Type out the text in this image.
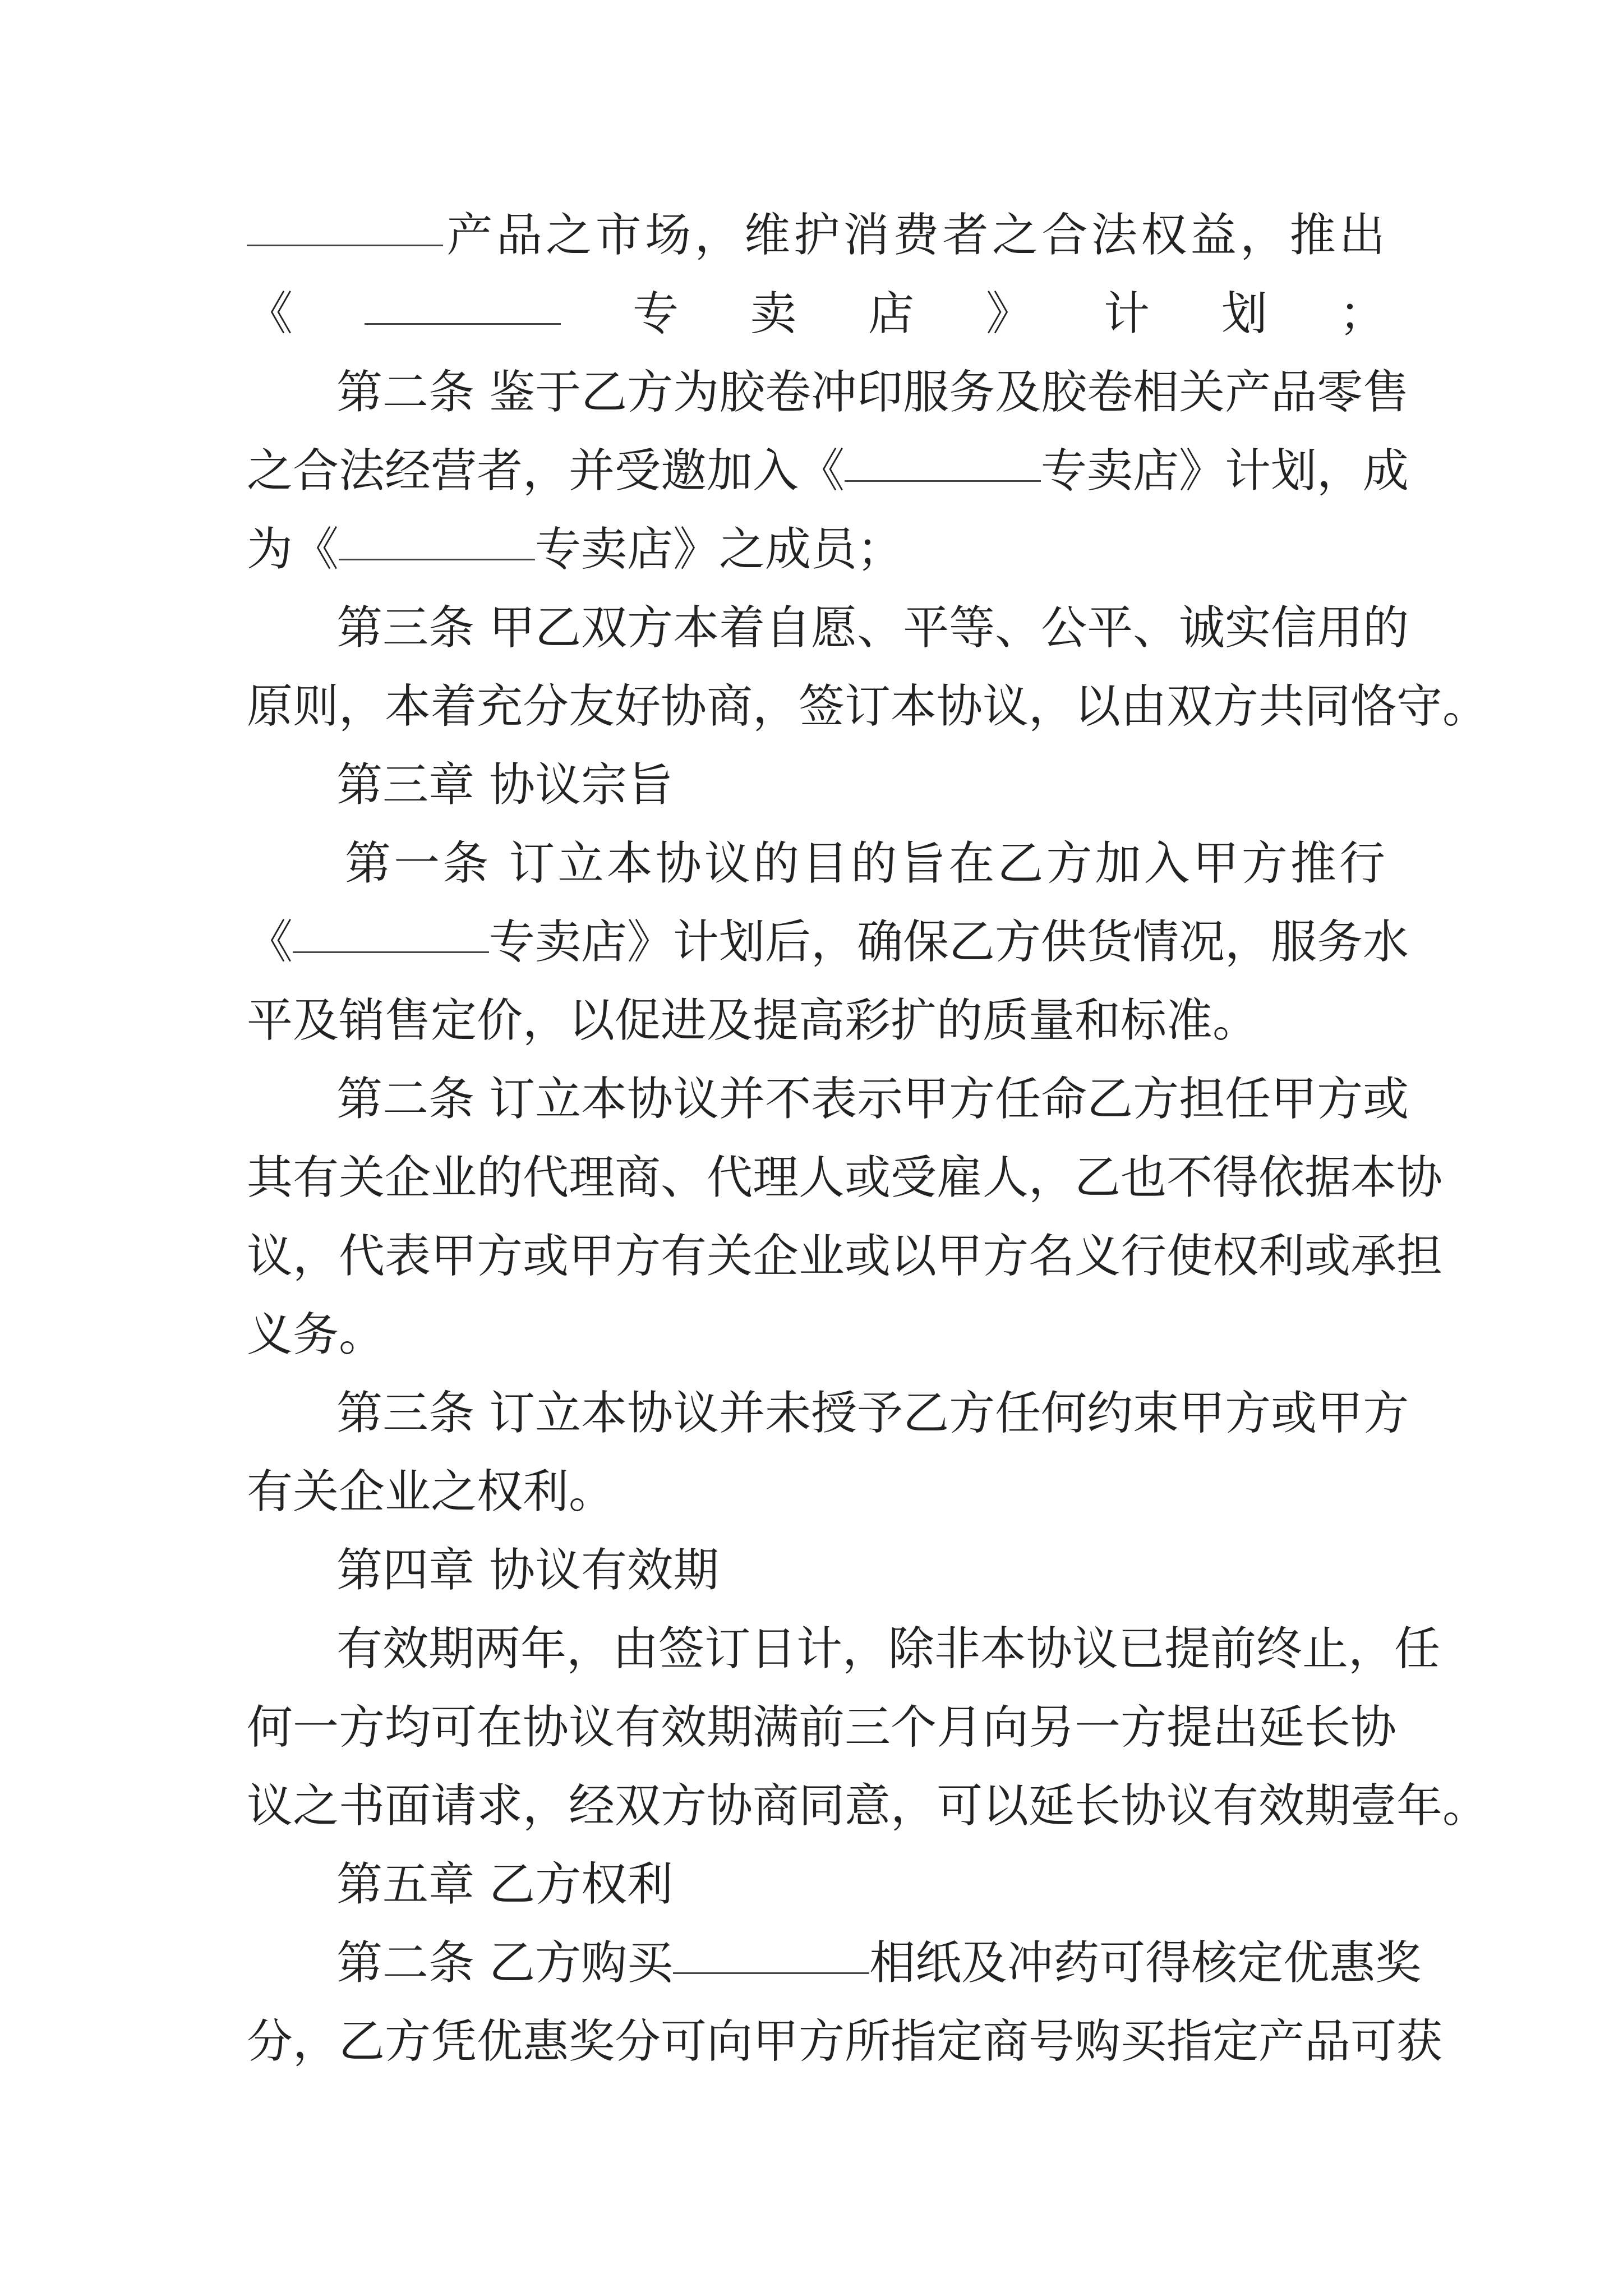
产品之市场，维护消费者之合法权益，推出
《	专卖店》计划；
第二条 鉴于乙方为胶卷冲印服务及胶卷相关产品零售
之合法经营者，并受邀加入《	专卖店》计划，成
为《	专卖店》之成员；
第三条 甲乙双方本着自愿、平等、公平、诚实信用的
原则，本着充分友好协商，签订本协议，以由双方共同恪守。
第三章 协议宗旨
第一条 订立本协议的目的旨在乙方加入甲方推行
《	专卖店》计划后，确保乙方供货情况，服务水
平及销售定价，以促进及提高彩扩的质量和标准。
第二条 订立本协议并不表示甲方任命乙方担任甲方或
其有关企业的代理商、代理人或受雇人，乙也不得依据本协
议，代表甲方或甲方有关企业或以甲方名义行使权利或承担
义务。
第三条 订立本协议并未授予乙方任何约束甲方或甲方
有关企业之权利。
第四章 协议有效期
有效期两年，由签订日计，除非本协议已提前终止，任
何一方均可在协议有效期满前三个月向另一方提出延长协
议之书面请求，经双方协商同意，可以延长协议有效期壹年。
第五章 乙方权利
第二条 乙方购买	相纸及冲药可得核定优惠奖
分，乙方凭优惠奖分可向甲方所指定商号购买指定产品可获
